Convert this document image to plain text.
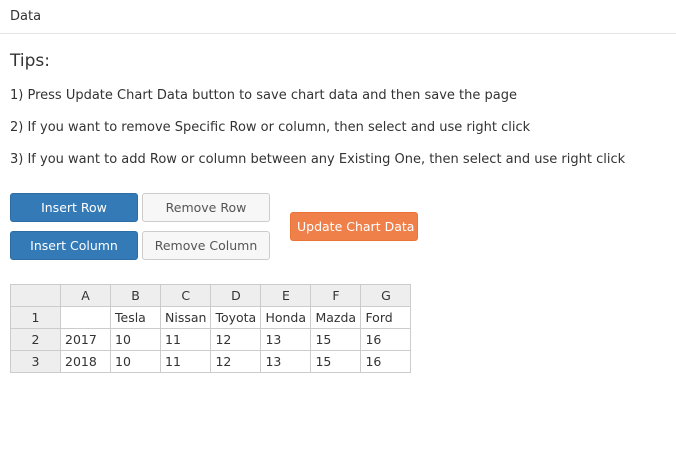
Data
Tips:
1) Press Update Chart Data button to save chart data and then save the page
2) If you want to remove Specific Row or column, then select and use right click
3) If you want to add Row or column between any Existing One, then select and use right click
Insert Row	Remove Row
Insert Column	Remove Column
Update Chart Data
	A	B	C	D	E	F	G
1		Tesla	Nissan	Toyota	Honda	Mazda	Ford
2	2017	10	11	12	13	15	16
3	2018	10	11	12	13	15	16
